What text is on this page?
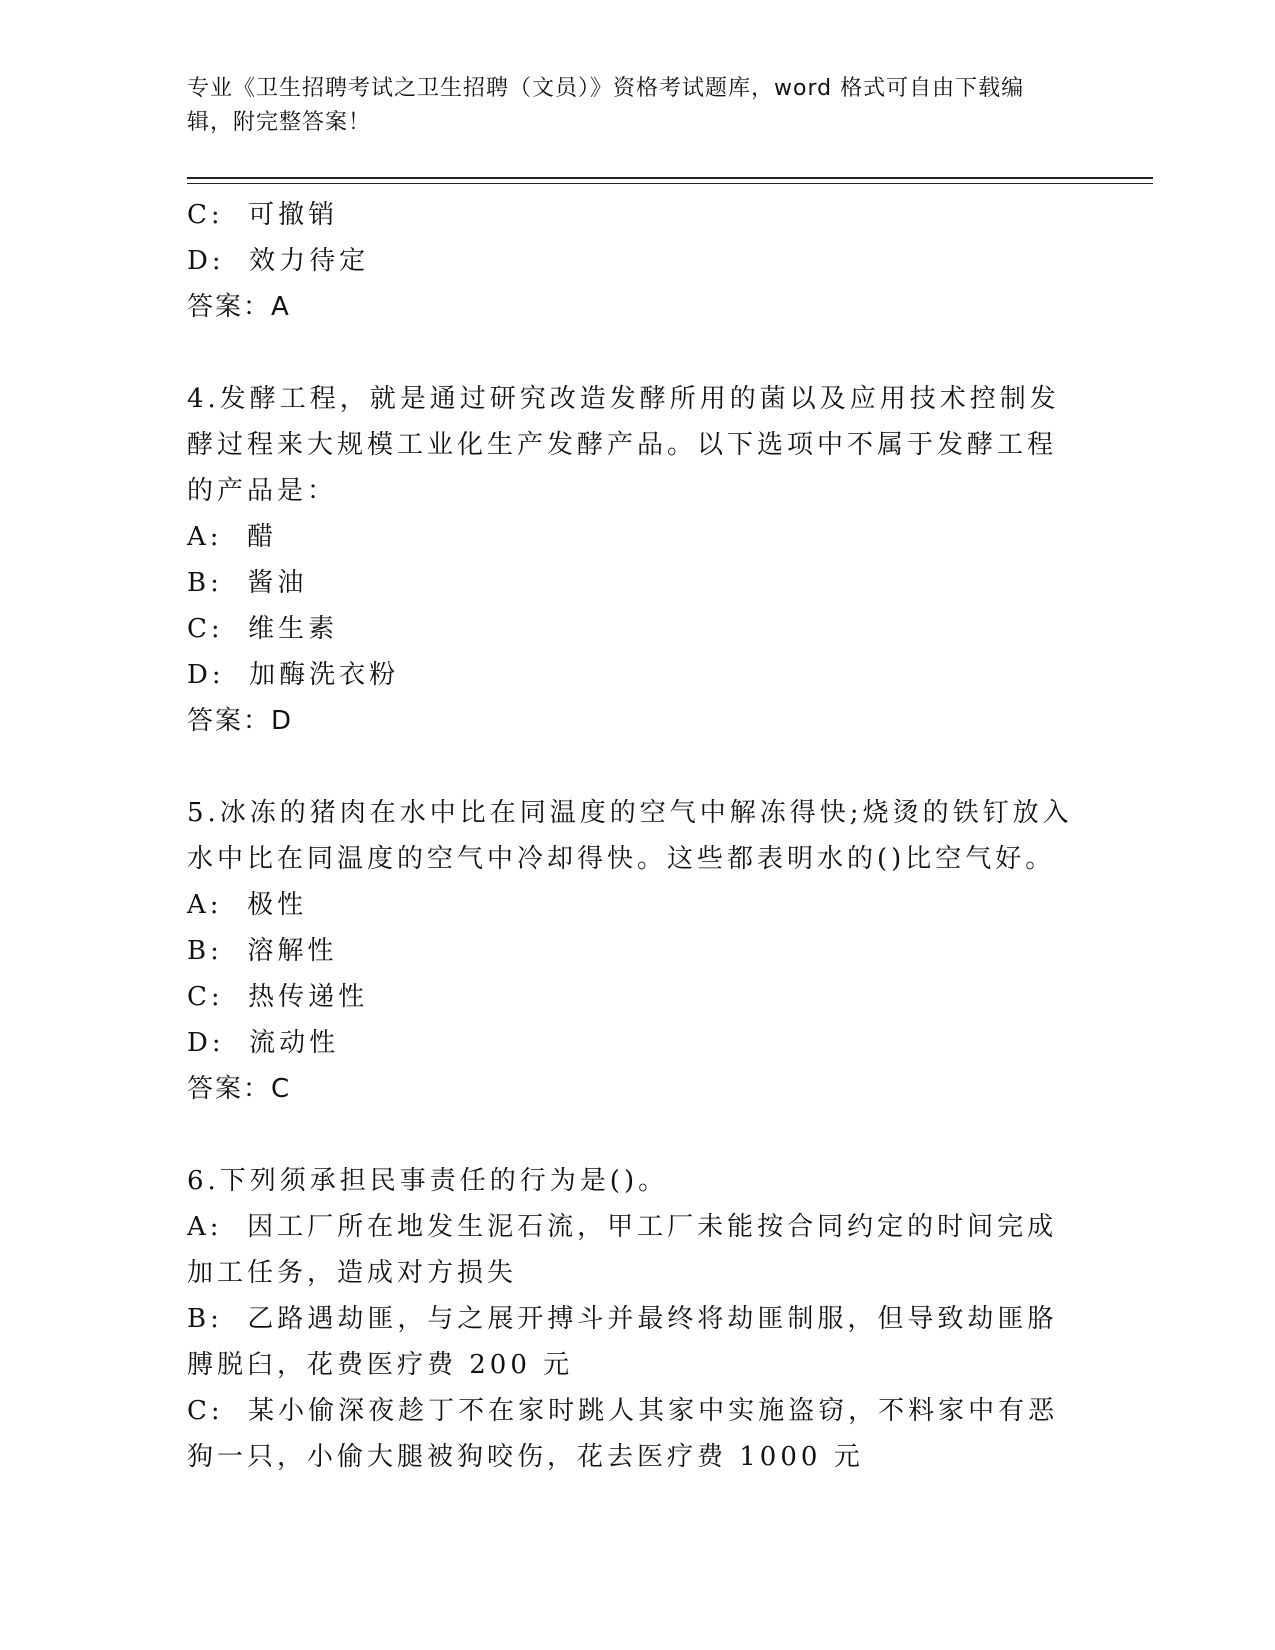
专业《卫生招聘考试之卫生招聘（文员）》资格考试题库，word 格式可自由下载编辑，附完整答案！
C:  可撤销
D:  效力待定
答案：A
4.发酵工程，就是通过研究改造发酵所用的菌以及应用技术控制发酵过程来大规模工业化生产发酵产品。以下选项中不属于发酵工程的产品是：
A:  醋
B:  酱油
C:  维生素
D:  加酶洗衣粉
答案：D
5.冰冻的猪肉在水中比在同温度的空气中解冻得快;烧烫的铁钉放入水中比在同温度的空气中冷却得快。这些都表明水的()比空气好。
A:  极性
B:  溶解性
C:  热传递性
D:  流动性
答案：C
6.下列须承担民事责任的行为是()。
A:  因工厂所在地发生泥石流，甲工厂未能按合同约定的时间完成加工任务，造成对方损失
B:  乙路遇劫匪，与之展开搏斗并最终将劫匪制服，但导致劫匪胳膊脱臼，花费医疗费 200 元
C:  某小偷深夜趁丁不在家时跳人其家中实施盗窃，不料家中有恶狗一只，小偷大腿被狗咬伤，花去医疗费 1000 元
